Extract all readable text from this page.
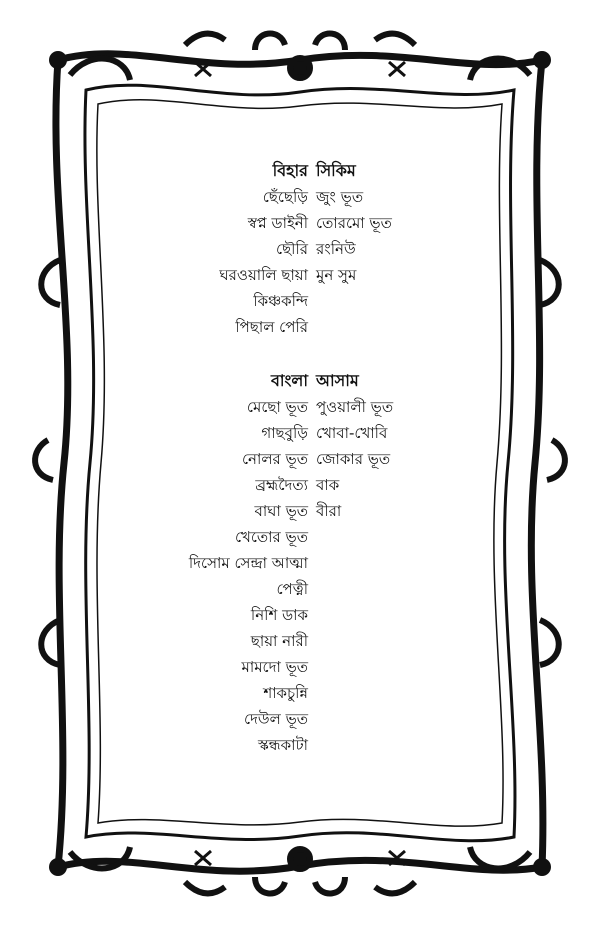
বিহার সিকিম
ছেঁছেড়ি জুং ভূত
স্বপ্ন ডাইনী তোরমো ভূত
ছৌরি রংনিউ
ঘরওয়ালি ছায়া মুন সুম
কিঞ্চকন্দি
পিছাল পেরি
বাংলা আসাম
মেছো ভূত পুওয়ালী ভূত
গাছবুড়ি খোবা-খোবি
নোলর ভূত জোকার ভূত
ব্রহ্মদৈত্য বাক
বাঘা ভূত বীরা
খেতোর ভূত
দিসোম সেন্দ্রা আত্মা
পেত্নী
নিশি ডাক
ছায়া নারী
মামদো ভূত
শাকচুন্নি
দেউল ভূত
স্কন্ধকাটা
